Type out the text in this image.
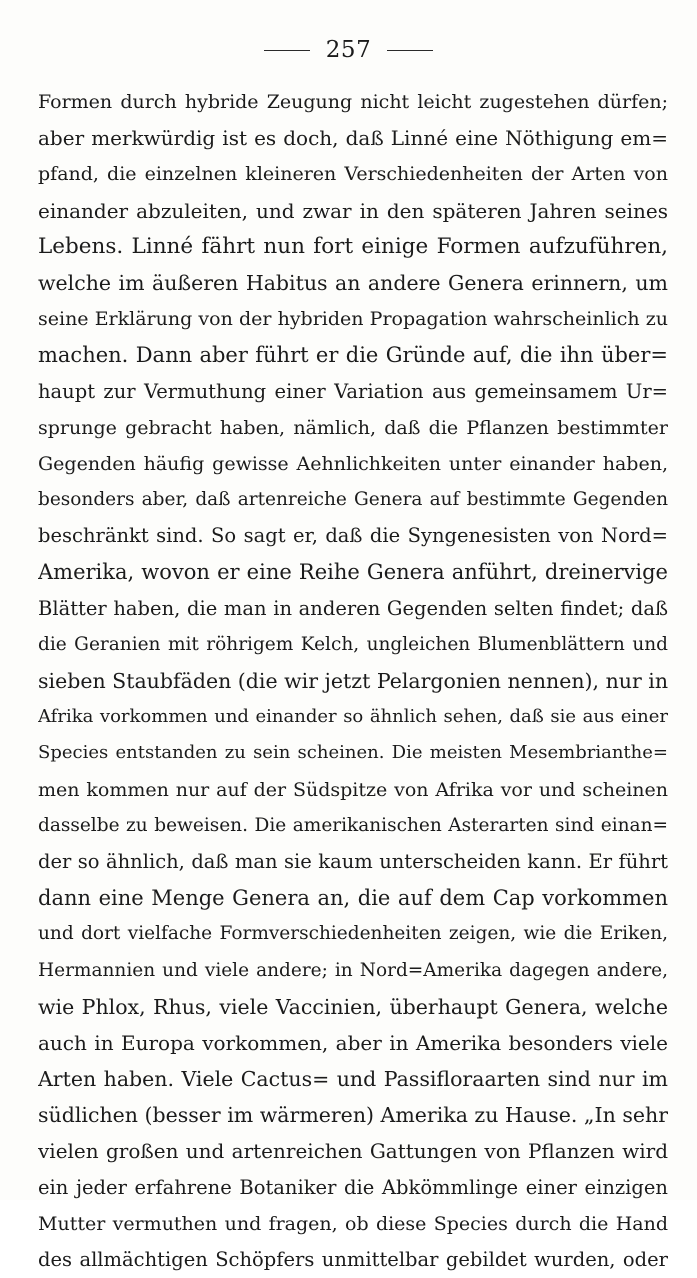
257
Formen durch hybride Zeugung nicht leicht zugestehen dürfen;
aber merkwürdig ist es doch, daß Linné eine Nöthigung em=
pfand, die einzelnen kleineren Verschiedenheiten der Arten von
einander abzuleiten, und zwar in den späteren Jahren seines
Lebens. Linné fährt nun fort einige Formen aufzuführen,
welche im äußeren Habitus an andere Genera erinnern, um
seine Erklärung von der hybriden Propagation wahrscheinlich zu
machen. Dann aber führt er die Gründe auf, die ihn über=
haupt zur Vermuthung einer Variation aus gemeinsamem Ur=
sprunge gebracht haben, nämlich, daß die Pflanzen bestimmter
Gegenden häufig gewisse Aehnlichkeiten unter einander haben,
besonders aber, daß artenreiche Genera auf bestimmte Gegenden
beschränkt sind. So sagt er, daß die Syngenesisten von Nord=
Amerika, wovon er eine Reihe Genera anführt, dreinervige
Blätter haben, die man in anderen Gegenden selten findet; daß
die Geranien mit röhrigem Kelch, ungleichen Blumenblättern und
sieben Staubfäden (die wir jetzt Pelargonien nennen), nur in
Afrika vorkommen und einander so ähnlich sehen, daß sie aus einer
Species entstanden zu sein scheinen. Die meisten Mesembrianthe=
men kommen nur auf der Südspitze von Afrika vor und scheinen
dasselbe zu beweisen. Die amerikanischen Asterarten sind einan=
der so ähnlich, daß man sie kaum unterscheiden kann. Er führt
dann eine Menge Genera an, die auf dem Cap vorkommen
und dort vielfache Formverschiedenheiten zeigen, wie die Eriken,
Hermannien und viele andere; in Nord=Amerika dagegen andere,
wie Phlox, Rhus, viele Vaccinien, überhaupt Genera, welche
auch in Europa vorkommen, aber in Amerika besonders viele
Arten haben. Viele Cactus= und Passifloraarten sind nur im
südlichen (besser im wärmeren) Amerika zu Hause. „In sehr
vielen großen und artenreichen Gattungen von Pflanzen wird
ein jeder erfahrene Botaniker die Abkömmlinge einer einzigen
Mutter vermuthen und fragen, ob diese Species durch die Hand
des allmächtigen Schöpfers unmittelbar gebildet wurden, oder
